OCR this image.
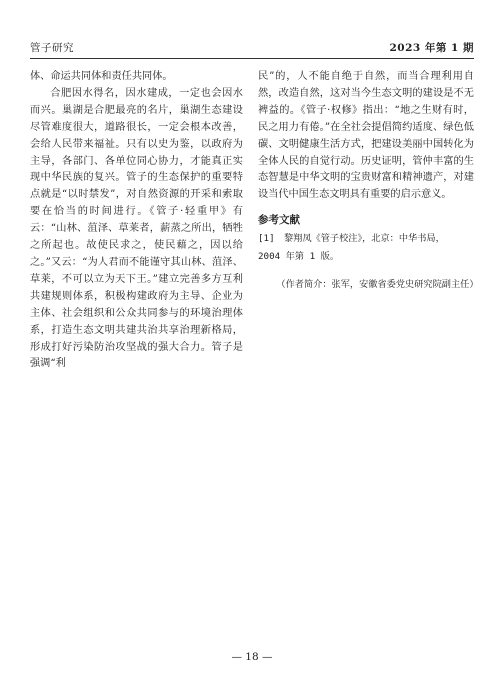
管子研究	2023 年第 1 期

体、命运共同体和责任共同体。

合肥因水得名，因水建成，一定也会因水而兴。巢湖是合肥最亮的名片，巢湖生态建设尽管难度很大，道路很长，一定会根本改善，会给人民带来福祉。只有以史为鉴，以政府为主导，各部门、各单位同心协力，才能真正实现中华民族的复兴。管子的生态保护的重要特点就是“以时禁发”，对自然资源的开采和索取要在恰当的时间进行。《管子·轻重甲》有云：“山林、菹泽、草莱者，薪蒸之所出，牺牲之所起也。故使民求之，使民藉之，因以给之。”又云：“为人君而不能谨守其山林、菹泽、草莱，不可以立为天下王。”建立完善多方互利共建规则体系，积极构建政府为主导、企业为主体、社会组织和公众共同参与的环境治理体系，打造生态文明共建共治共享治理新格局，形成打好污染防治攻坚战的强大合力。管子是强调“利

民”的，人不能自绝于自然，而当合理利用自然，改造自然，这对当今生态文明的建设是不无裨益的。《管子·权修》指出：“地之生财有时，民之用力有倦。”在全社会提倡简约适度、绿色低碳、文明健康生活方式，把建设美丽中国转化为全体人民的自觉行动。历史证明，管仲丰富的生态智慧是中华文明的宝贵财富和精神遗产，对建设当代中国生态文明具有重要的启示意义。

参考文献

[1] 黎翔凤《管子校注》，北京：中华书局，

2004 年第 1 版。

（作者简介：张军，安徽省委党史研究院副主任）

— 18 —
